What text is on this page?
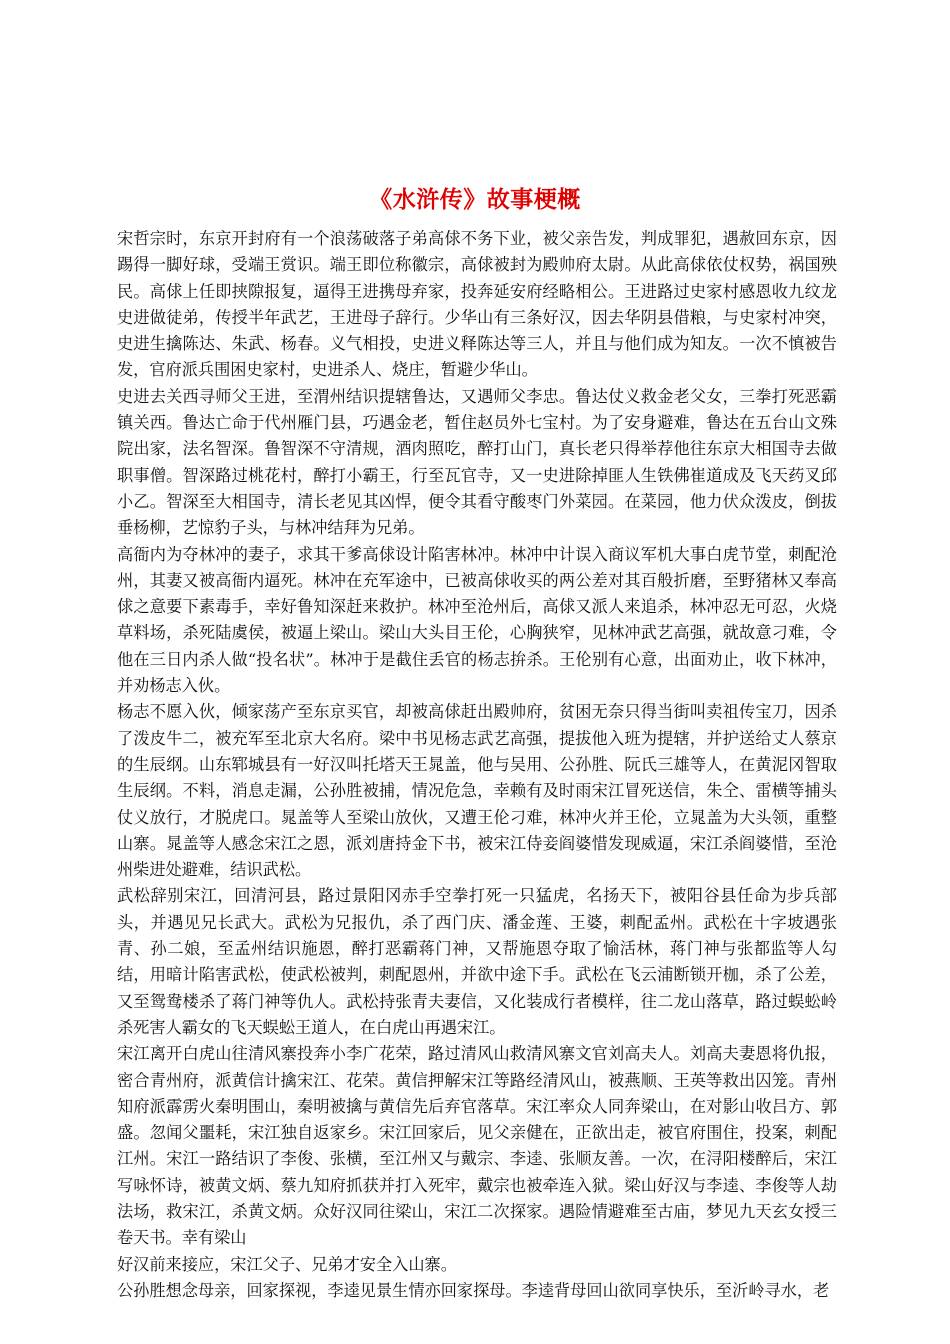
《水浒传》故事梗概

宋哲宗时，东京开封府有一个浪荡破落子弟高俅不务下业，被父亲告发，判成罪犯，遇赦回东京，因踢得一脚好球，受端王赏识。端王即位称徽宗，高俅被封为殿帅府太尉。从此高俅依仗权势，祸国殃民。高俅上任即挟隙报复，逼得王进携母弃家，投奔延安府经略相公。王进路过史家村感恩收九纹龙史进做徒弟，传授半年武艺，王进母子辞行。少华山有三条好汉，因去华阴县借粮，与史家村冲突，史进生擒陈达、朱武、杨春。义气相投，史进义释陈达等三人，并且与他们成为知友。一次不慎被告发，官府派兵围困史家村，史进杀人、烧庄，暂避少华山。

史进去关西寻师父王进，至渭州结识提辖鲁达，又遇师父李忠。鲁达仗义救金老父女，三拳打死恶霸镇关西。鲁达亡命于代州雁门县，巧遇金老，暂住赵员外七宝村。为了安身避难，鲁达在五台山文殊院出家，法名智深。鲁智深不守清规，酒肉照吃，醉打山门，真长老只得举荐他往东京大相国寺去做职事僧。智深路过桃花村，醉打小霸王，行至瓦官寺，又一史进除掉匪人生铁佛崔道成及飞天药叉邱小乙。智深至大相国寺，清长老见其凶悍，便令其看守酸枣门外菜园。在菜园，他力伏众泼皮，倒拔垂杨柳，艺惊豹子头，与林冲结拜为兄弟。

高衙内为夺林冲的妻子，求其干爹高俅设计陷害林冲。林冲中计误入商议军机大事白虎节堂，刺配沧州，其妻又被高衙内逼死。林冲在充军途中，已被高俅收买的两公差对其百般折磨，至野猪林又奉高俅之意要下素毒手，幸好鲁知深赶来救护。林冲至沧州后，高俅又派人来追杀，林冲忍无可忍，火烧草料场，杀死陆虞侯，被逼上梁山。梁山大头目王伦，心胸狭窄，见林冲武艺高强，就故意刁难，令他在三日内杀人做“投名状”。林冲于是截住丢官的杨志拚杀。王伦别有心意，出面劝止，收下林冲，并劝杨志入伙。

杨志不愿入伙，倾家荡产至东京买官，却被高俅赶出殿帅府，贫困无奈只得当街叫卖祖传宝刀，因杀了泼皮牛二，被充军至北京大名府。梁中书见杨志武艺高强，提拔他入班为提辖，并护送给丈人蔡京的生辰纲。山东郓城县有一好汉叫托塔天王晁盖，他与吴用、公孙胜、阮氏三雄等人，在黄泥冈智取生辰纲。不料，消息走漏，公孙胜被捕，情况危急，幸赖有及时雨宋江冒死送信，朱仝、雷横等捕头仗义放行，才脱虎口。晁盖等人至梁山放伙，又遭王伦刁难，林冲火并王伦，立晁盖为大头领，重整山寨。晁盖等人感念宋江之恩，派刘唐持金下书，被宋江侍妾阎婆惜发现威逼，宋江杀阎婆惜，至沧州柴进处避难，结识武松。

武松辞别宋江，回清河县，路过景阳冈赤手空拳打死一只猛虎，名扬天下，被阳谷县任命为步兵部头，并遇见兄长武大。武松为兄报仇，杀了西门庆、潘金莲、王婆，刺配孟州。武松在十字坡遇张青、孙二娘，至孟州结识施恩，醉打恶霸蒋门神，又帮施恩夺取了愉活林，蒋门神与张都监等人勾结，用暗计陷害武松，使武松被判，刺配恩州，并欲中途下手。武松在飞云浦断锁开枷，杀了公差，又至鸳鸯楼杀了蒋门神等仇人。武松持张青夫妻信，又化装成行者模样，往二龙山落草，路过蜈蚣岭杀死害人霸女的飞天蜈蚣王道人，在白虎山再遇宋江。

宋江离开白虎山往清风寨投奔小李广花荣，路过清风山救清风寨文官刘高夫人。刘高夫妻恩将仇报，密合青州府，派黄信计擒宋江、花荣。黄信押解宋江等路经清风山，被燕顺、王英等救出囚笼。青州知府派霹雳火秦明围山，秦明被擒与黄信先后弃官落草。宋江率众人同奔梁山，在对影山收吕方、郭盛。忽闻父噩耗，宋江独自返家乡。宋江回家后，见父亲健在，正欲出走，被官府围住，投案，刺配江州。宋江一路结识了李俊、张横，至江州又与戴宗、李逵、张顺友善。一次，在浔阳楼醉后，宋江写咏怀诗，被黄文炳、蔡九知府抓获并打入死牢，戴宗也被牵连入狱。梁山好汉与李逵、李俊等人劫法场，救宋江，杀黄文炳。众好汉同往梁山，宋江二次探家。遇险情避难至古庙，梦见九天玄女授三卷天书。幸有梁山

好汉前来接应，宋江父子、兄弟才安全入山寨。

公孙胜想念母亲，回家探视，李逵见景生情亦回家探母。李逵背母回山欲同享快乐，至沂岭寻水，老
